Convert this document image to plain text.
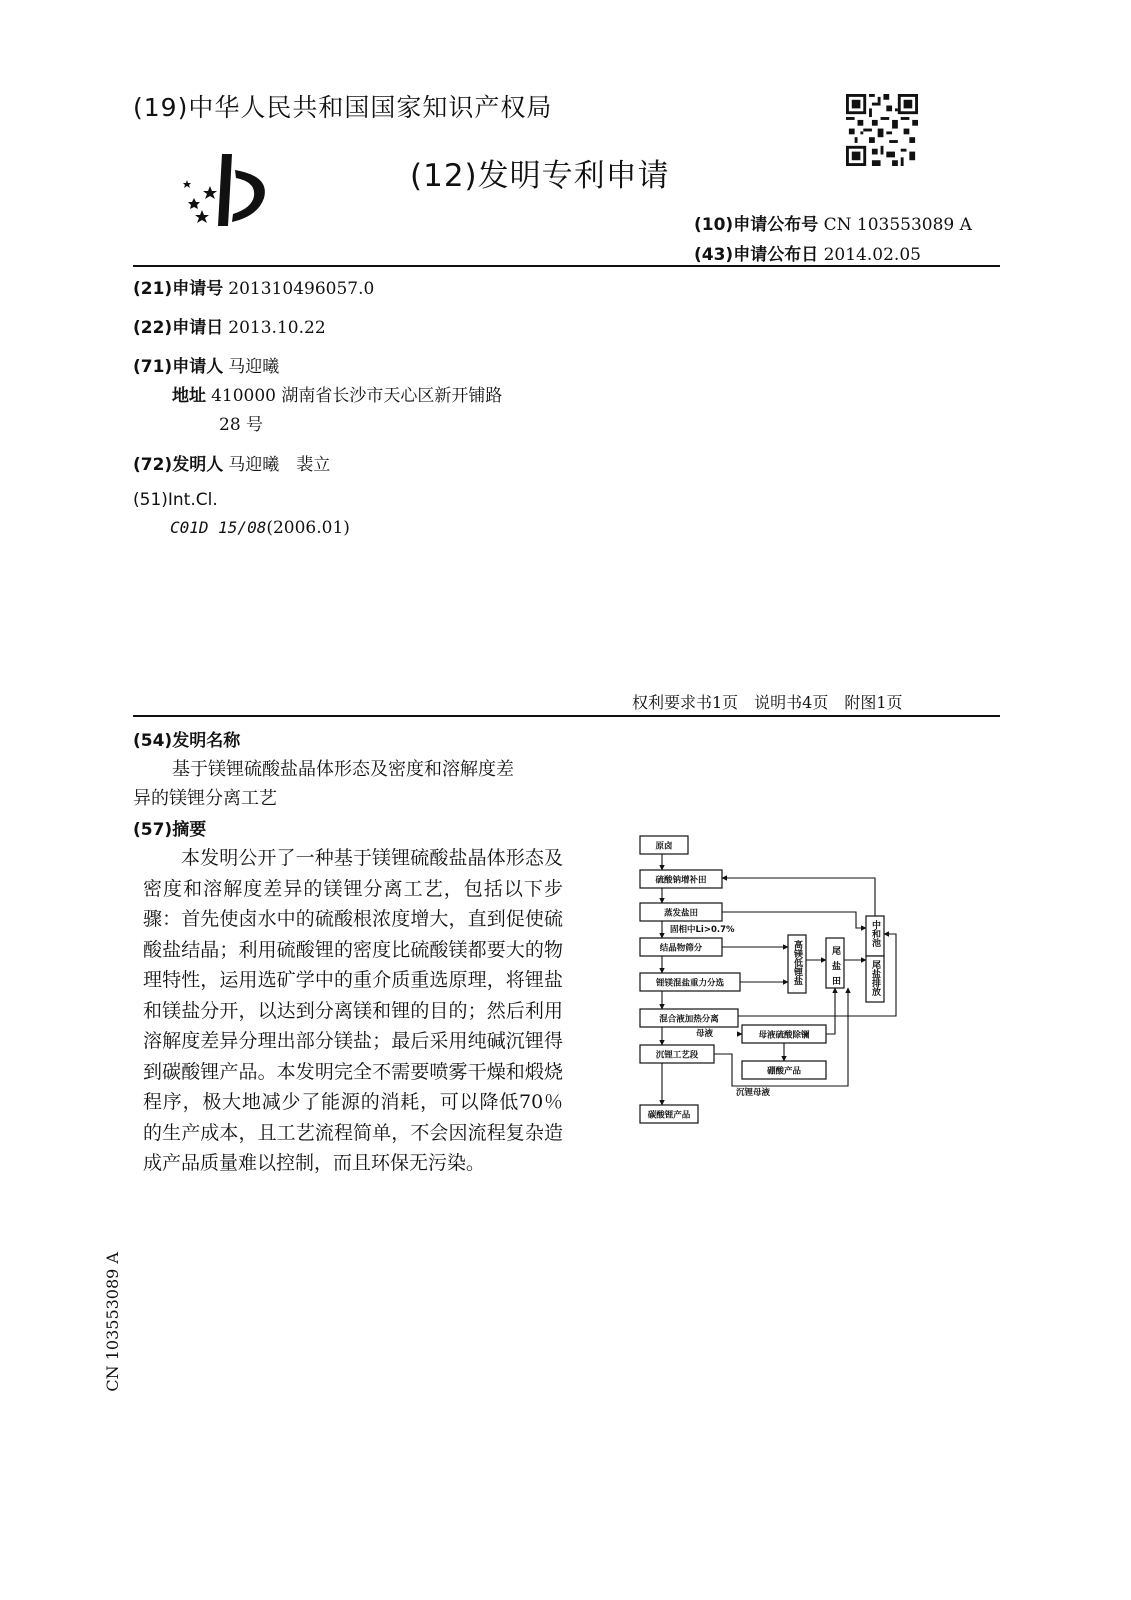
(19)中华人民共和国国家知识产权局
(12)发明专利申请
(10)申请公布号 CN 103553089 A
(43)申请公布日 2014.02.05
(21)申请号 201310496057.0
(22)申请日 2013.10.22
(71)申请人 马迎曦
地址 410000 湖南省长沙市天心区新开铺路
28 号
(72)发明人 马迎曦　裴立
(51)Int.Cl.
C01D 15/08(2006.01)
权利要求书1页　说明书4页　附图1页
(54)发明名称
基于镁锂硫酸盐晶体形态及密度和溶解度差
异的镁锂分离工艺
(57)摘要
本发明公开了一种基于镁锂硫酸盐晶体形态及密度和溶解度差异的镁锂分离工艺，包括以下步骤：首先使卤水中的硫酸根浓度增大，直到促使硫酸盐结晶；利用硫酸锂的密度比硫酸镁都要大的物理特性，运用选矿学中的重介质重选原理，将锂盐和镁盐分开，以达到分离镁和锂的目的；然后利用溶解度差异分理出部分镁盐；最后采用纯碱沉锂得到碳酸锂产品。本发明完全不需要喷雾干燥和煅烧程序，极大地减少了能源的消耗，可以降低70％的生产成本，且工艺流程简单，不会因流程复杂造成产品质量难以控制，而且环保无污染。
原卤
硫酸钠增补田
蒸发盐田
固相中Li>0.7%
结晶物筛分
锂镁混盐重力分选
混合液加热分离
母液	母液硫酸除镧
沉锂工艺段
硼酸产品
沉锂母液
碳酸锂产品
高镁低锂盐	尾盐田
中和池
尾盐排放
CN 103553089 A
